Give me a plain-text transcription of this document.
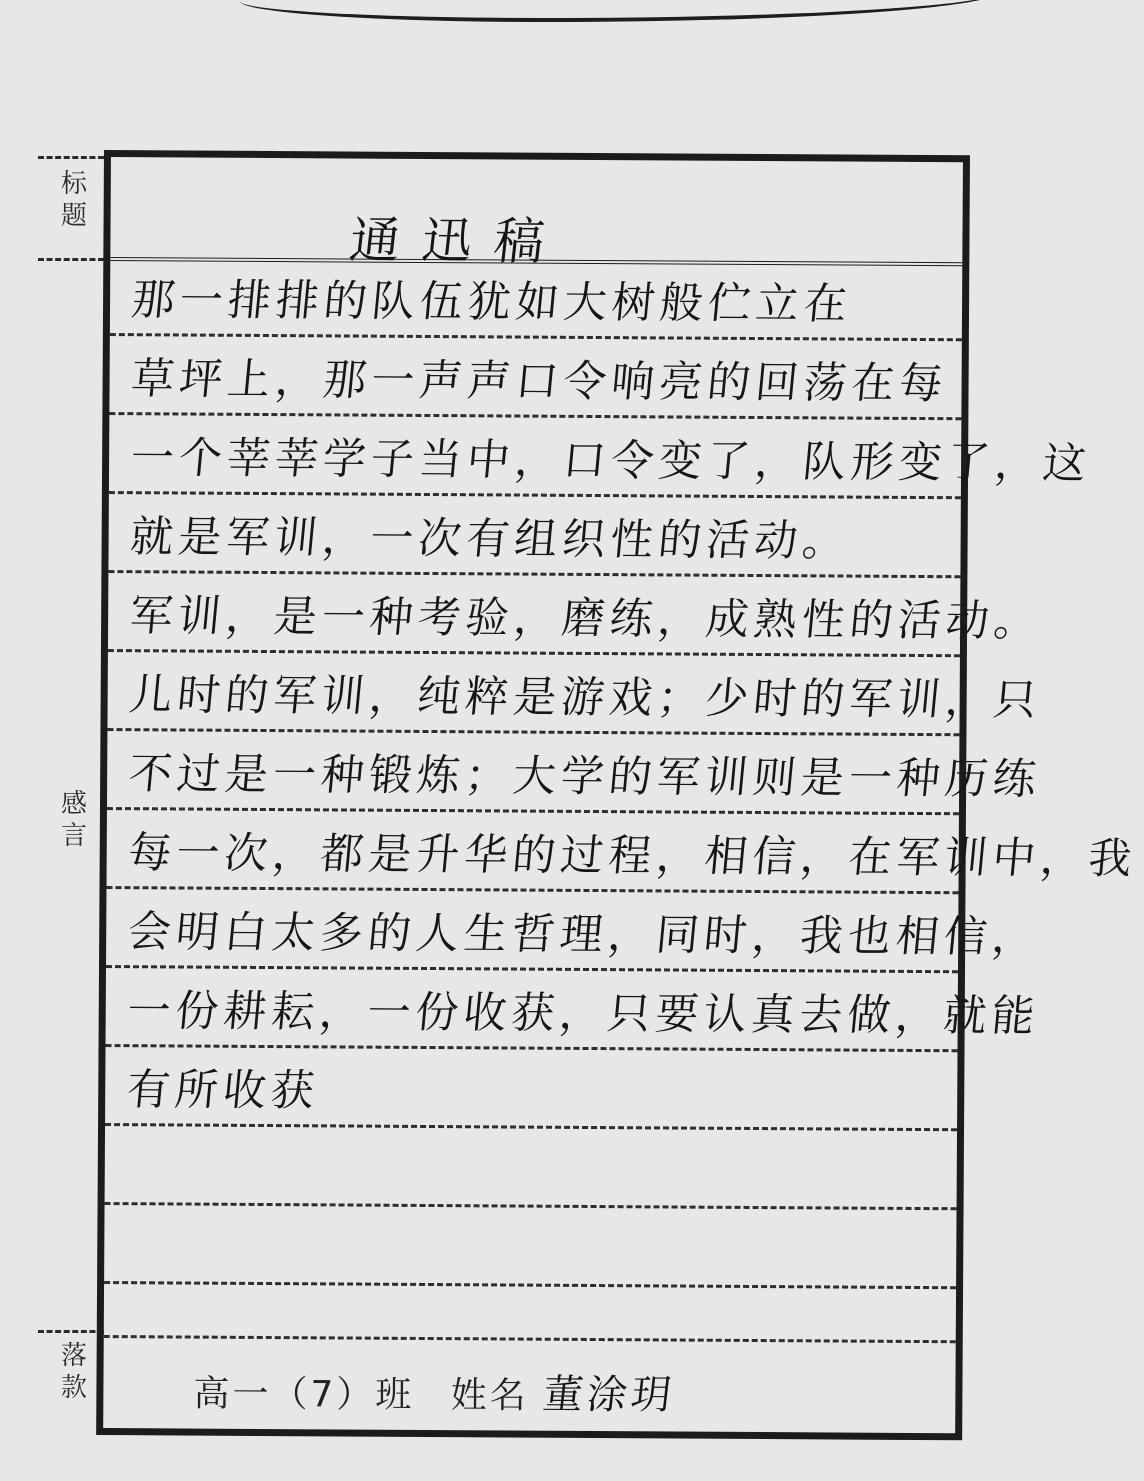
标
题
感
言
落
款
通迅稿
那一排排的队伍犹如大树般伫立在
草坪上，那一声声口令响亮的回荡在每
一个莘莘学子当中，口令变了，队形变了，这
就是军训，一次有组织性的活动。
军训，是一种考验，磨练，成熟性的活动。
儿时的军训，纯粹是游戏；少时的军训，只
不过是一种锻炼；大学的军训则是一种历练
每一次，都是升华的过程，相信，在军训中，我
会明白太多的人生哲理，同时，我也相信，
一份耕耘，一份收获，只要认真去做，就能
有所收获
高一（7）班 姓名 董涂玥
